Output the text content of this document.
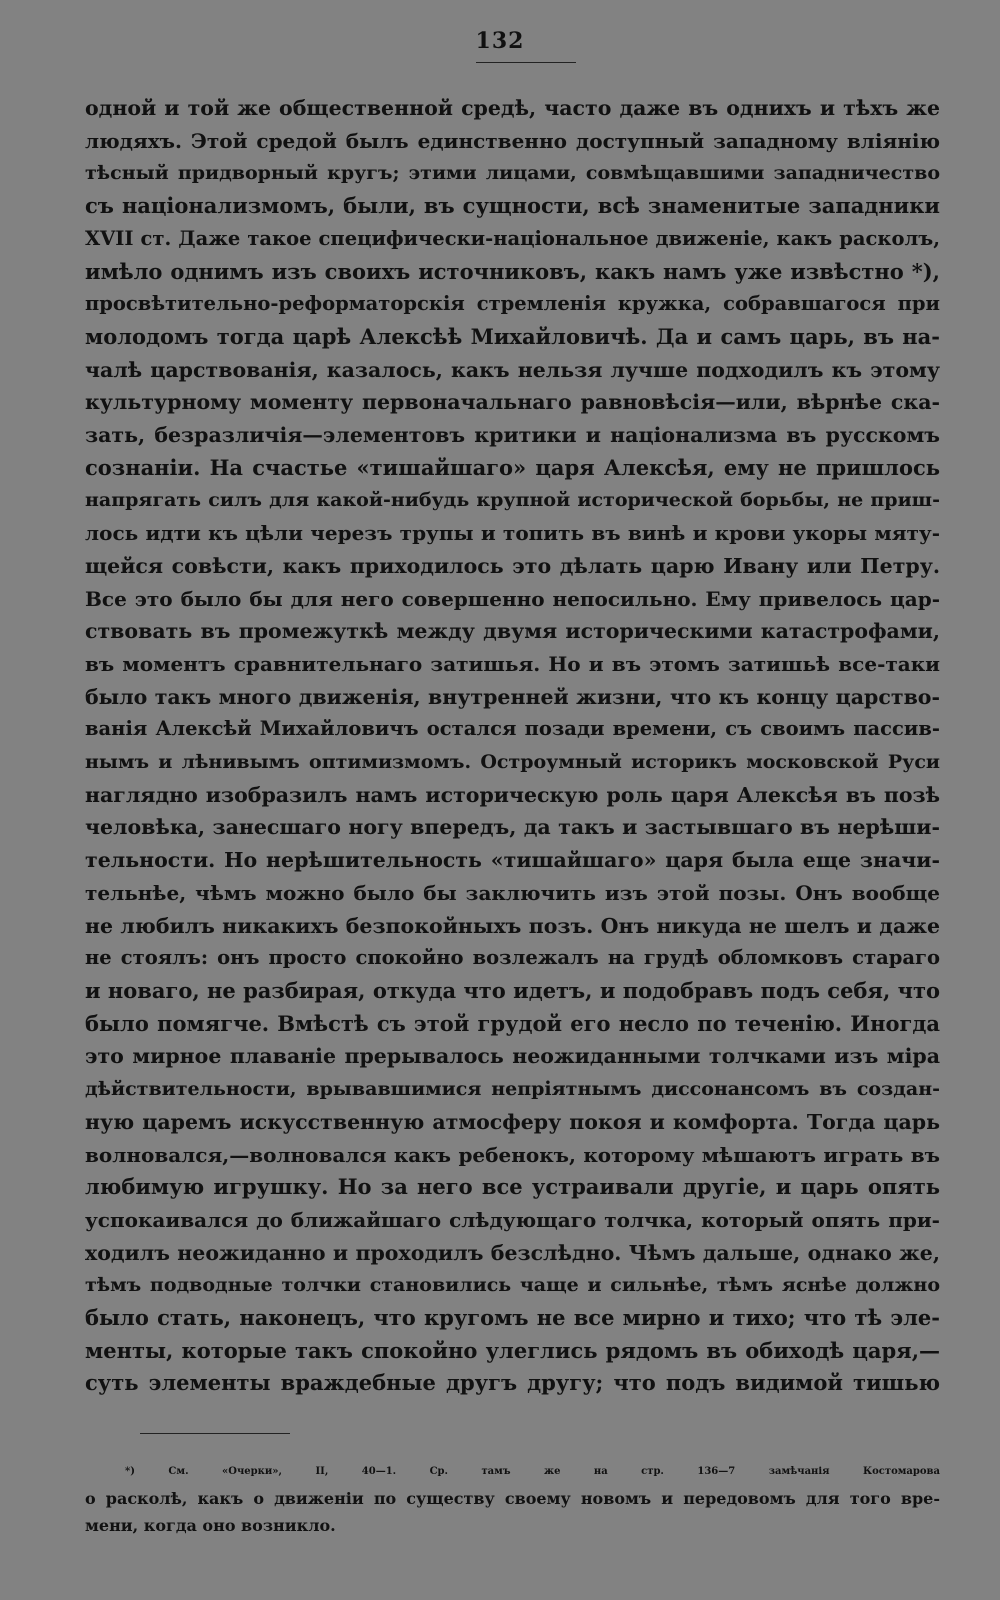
132
одной и той же общественной средѣ, часто даже въ однихъ и тѣхъ же
людяхъ. Этой средой былъ единственно доступный западному вліянію
тѣсный придворный кругъ; этими лицами, совмѣщавшими западничество
съ націонализмомъ, были, въ сущности, всѣ знаменитые западники
XVII ст. Даже такое специфически-національное движеніе, какъ расколъ,
имѣло однимъ изъ своихъ источниковъ, какъ намъ уже извѣстно *),
просвѣтительно-реформаторскія стремленія кружка, собравшагося при
молодомъ тогда царѣ Алексѣѣ Михайловичѣ. Да и самъ царь, въ на-
чалѣ царствованія, казалось, какъ нельзя лучше подходилъ къ этому
культурному моменту первоначальнаго равновѣсія—или, вѣрнѣе ска-
зать, безразличія—элементовъ критики и націонализма въ русскомъ
сознаніи. На счастье «тишайшаго» царя Алексѣя, ему не пришлось
напрягать силъ для какой-нибудь крупной исторической борьбы, не приш-
лось идти къ цѣли черезъ трупы и топить въ винѣ и крови укоры мяту-
щейся совѣсти, какъ приходилось это дѣлать царю Ивану или Петру.
Все это было бы для него совершенно непосильно. Ему привелось цар-
ствовать въ промежуткѣ между двумя историческими катастрофами,
въ моментъ сравнительнаго затишья. Но и въ этомъ затишьѣ все-таки
было такъ много движенія, внутренней жизни, что къ концу царство-
ванія Алексѣй Михайловичъ остался позади времени, съ своимъ пассив-
нымъ и лѣнивымъ оптимизмомъ. Остроумный историкъ московской Руси
наглядно изобразилъ намъ историческую роль царя Алексѣя въ позѣ
человѣка, занесшаго ногу впередъ, да такъ и застывшаго въ нерѣши-
тельности. Но нерѣшительность «тишайшаго» царя была еще значи-
тельнѣе, чѣмъ можно было бы заключить изъ этой позы. Онъ вообще
не любилъ никакихъ безпокойныхъ позъ. Онъ никуда не шелъ и даже
не стоялъ: онъ просто спокойно возлежалъ на грудѣ обломковъ стараго
и новаго, не разбирая, откуда что идетъ, и подобравъ подъ себя, что
было помягче. Вмѣстѣ съ этой грудой его несло по теченію. Иногда
это мирное плаваніе прерывалось неожиданными толчками изъ міра
дѣйствительности, врывавшимися непріятнымъ диссонансомъ въ создан-
ную царемъ искусственную атмосферу покоя и комфорта. Тогда царь
волновался,—волновался какъ ребенокъ, которому мѣшаютъ играть въ
любимую игрушку. Но за него все устраивали другіе, и царь опять
успокаивался до ближайшаго слѣдующаго толчка, который опять при-
ходилъ неожиданно и проходилъ безслѣдно. Чѣмъ дальше, однако же,
тѣмъ подводные толчки становились чаще и сильнѣе, тѣмъ яснѣе должно
было стать, наконецъ, что кругомъ не все мирно и тихо; что тѣ эле-
менты, которые такъ спокойно улеглись рядомъ въ обиходѣ царя,—
суть элементы враждебные другъ другу; что подъ видимой тишью
*) См. «Очерки», II, 40—1. Ср. тамъ же на стр. 136—7 замѣчанія Костомарова
о расколѣ, какъ о движеніи по существу своему новомъ и передовомъ для того вре-
мени, когда оно возникло.
